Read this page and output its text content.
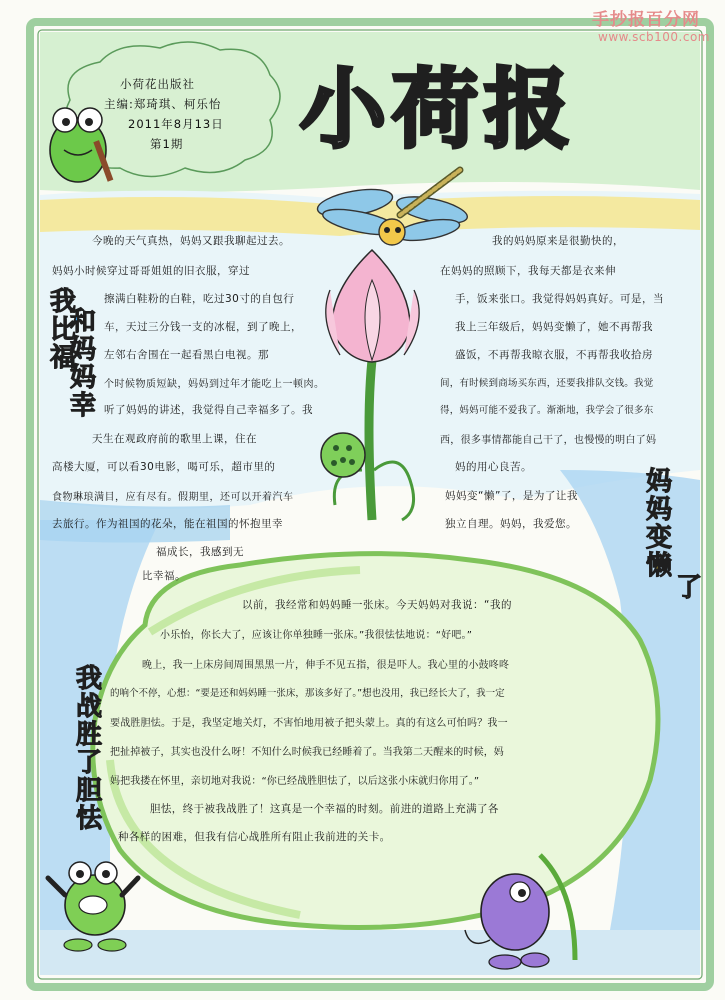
手抄报百分网
www.scb100.com
小荷花出版社
主编:郑琦琪、柯乐怡
2011年8月13日
第1期 小荷报
我
比
福
和
妈
妈
幸
今晚的天气真热，妈妈又跟我聊起过去。
妈妈小时候穿过哥哥姐姐的旧衣服，穿过
擦满白鞋粉的白鞋，吃过30寸的自包行
车，天过三分钱一支的冰棍，到了晚上，
左邻右舍围在一起看黑白电视。那
个时候物质短缺，妈妈到过年才能吃上一顿肉。
听了妈妈的讲述，我觉得自己幸福多了。我
天生在观政府前的歌里上课，住在
高楼大厦，可以看30电影，喝可乐，超市里的
食物琳琅满目，应有尽有。假期里，还可以开着汽车
去旅行。作为祖国的花朵，能在祖国的怀抱里幸
福成长，我感到无
比幸福。
我的妈妈原来是很勤快的，
在妈妈的照顾下，我每天都是衣来伸
手，饭来张口。我觉得妈妈真好。可是，当
我上三年级后，妈妈变懒了，她不再帮我
盛饭，不再帮我晾衣服，不再帮我收拾房
间，有时候到商场买东西，还要我排队交钱。我觉
得，妈妈可能不爱我了。渐渐地，我学会了很多东
西，很多事情都能自己干了，也慢慢的明白了妈
妈的用心良苦。
妈妈变“懒”了，是为了让我
独立自理。妈妈，我爱您。
妈
妈
变
懒
了
我
战
胜
了
胆
怯
以前，我经常和妈妈睡一张床。今天妈妈对我说：“我的
小乐怡，你长大了，应该让你单独睡一张床。”我很怯怯地说：“好吧。”
晚上，我一上床房间周围黑黑一片，伸手不见五指，很是吓人。我心里的小鼓咚咚
的响个不停，心想：“要是还和妈妈睡一张床，那该多好了。”想也没用，我已经长大了，我一定
要战胜胆怯。于是，我坚定地关灯，不害怕地用被子把头蒙上。真的有这么可怕吗？我一
把扯掉被子，其实也没什么呀！不知什么时候我已经睡着了。当我第二天醒来的时候，妈
妈把我搂在怀里，亲切地对我说：“你已经战胜胆怯了，以后这张小床就归你用了。”
胆怯，终于被我战胜了！这真是一个幸福的时刻。前进的道路上充满了各
种各样的困难，但我有信心战胜所有阻止我前进的关卡。
